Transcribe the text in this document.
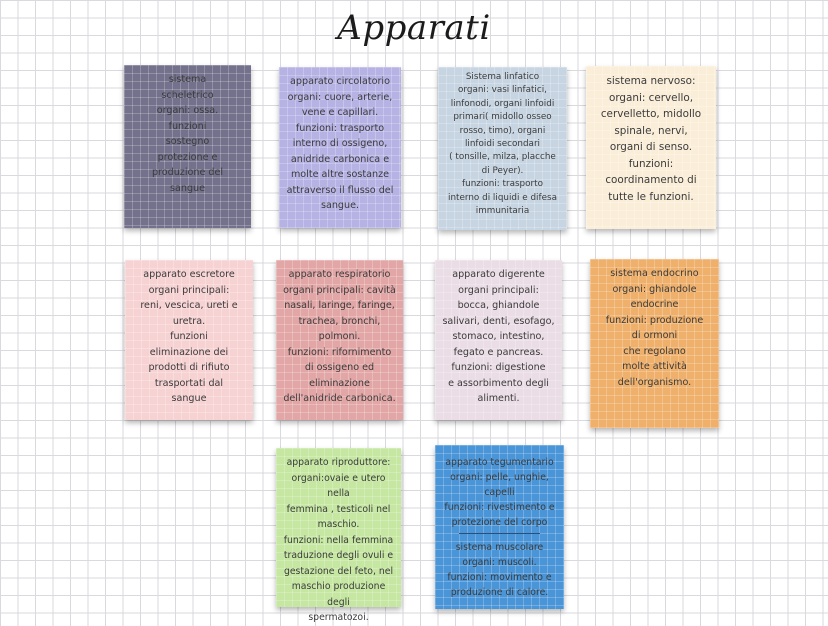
Apparati
sistema
scheletrico
organi: ossa.
funzioni
sostegno
protezione e
produzione del
sangue
apparato circolatorio
organi: cuore, arterie,
vene e capillari.
funzioni: trasporto
interno di ossigeno,
anidride carbonica e
molte altre sostanze
attraverso il flusso del
sangue.
Sistema linfatico
organi: vasi linfatici,
linfonodi, organi linfoidi
primari( midollo osseo
rosso, timo), organi
linfoidi secondari
( tonsille, milza, placche
di Peyer).
funzioni: trasporto
interno di liquidi e difesa
immunitaria
sistema nervoso:
organi: cervello,
cervelletto, midollo
spinale, nervi,
organi di senso.
funzioni:
coordinamento di
tutte le funzioni.
apparato escretore
organi principali:
reni, vescica, ureti e
uretra.
funzioni
eliminazione dei
prodotti di rifiuto
trasportati dal
sangue
apparato respiratorio
organi principali: cavità
nasali, laringe, faringe,
trachea, bronchi,
polmoni.
funzioni: rifornimento
di ossigeno ed
eliminazione
dell'anidride carbonica.
apparato digerente
organi principali:
bocca, ghiandole
salivari, denti, esofago,
stomaco, intestino,
fegato e pancreas.
funzioni: digestione
e assorbimento degli
alimenti.
sistema endocrino
organi: ghiandole
endocrine
funzioni: produzione
di ormoni
che regolano
molte attività
dell'organismo.
apparato riproduttore:
organi:ovaie e utero nella
femmina , testicoli nel
maschio.
funzioni: nella femmina
traduzione degli ovuli e
gestazione del feto, nel
maschio produzione degli
spermatozoi.
apparato tegumentario
organi: pelle, unghie, capelli
funzioni: rivestimento e
protezione del corpo
sistema muscolare
organi: muscoli.
funzioni: movimento e
produzione di calore.
